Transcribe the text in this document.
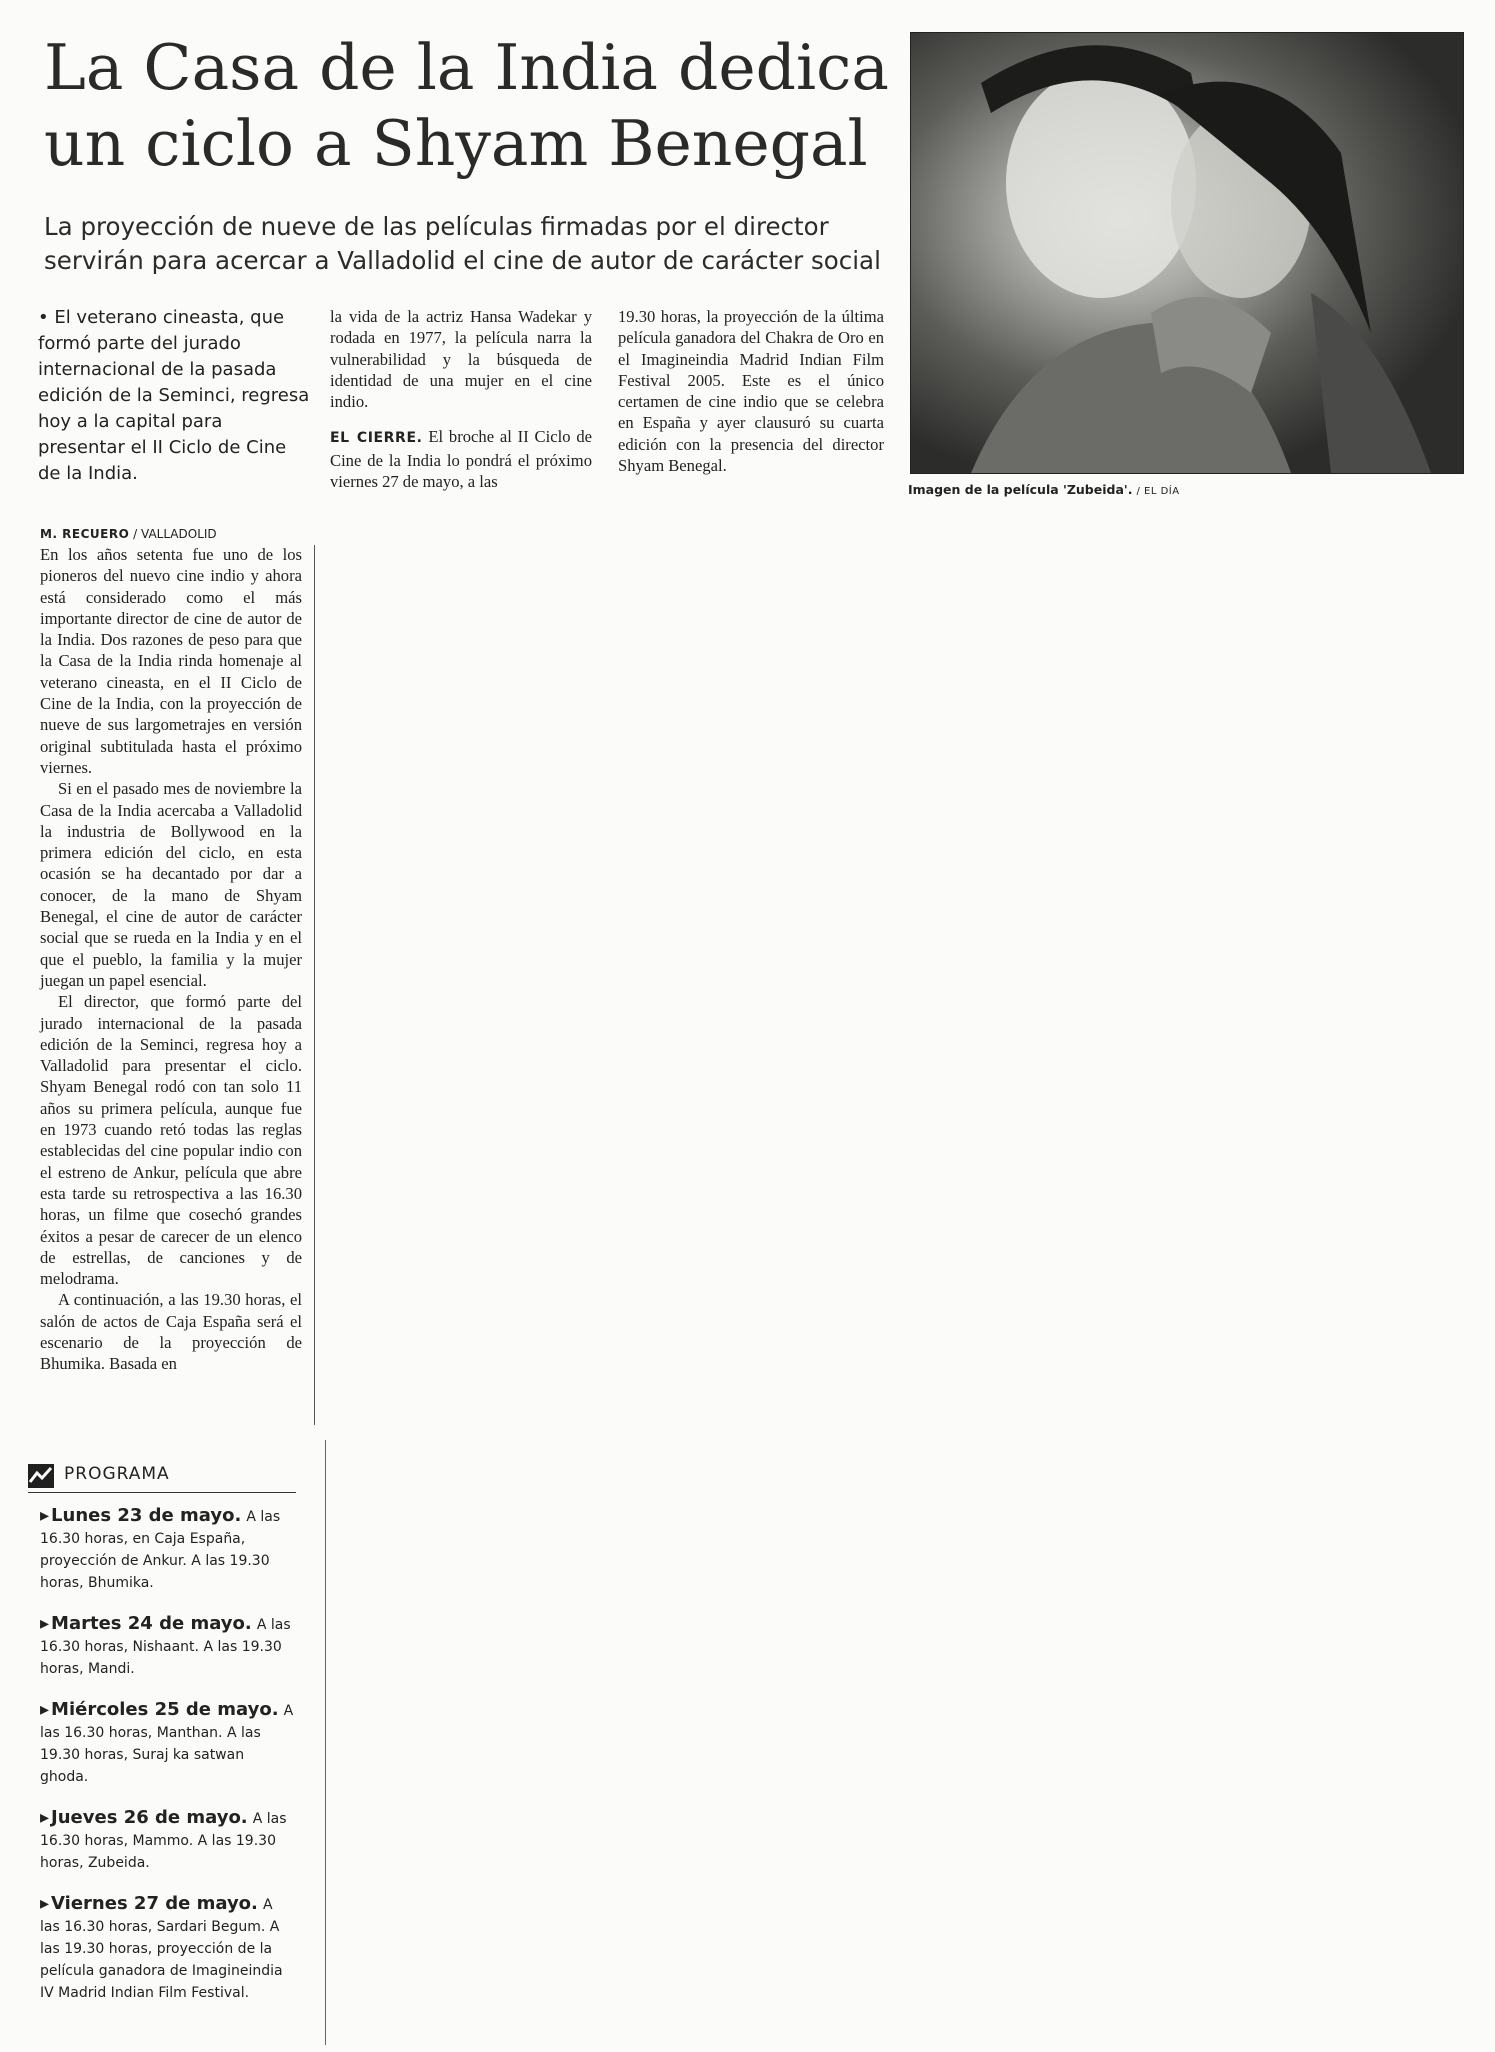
La Casa de la India dedica un ciclo a Shyam Benegal

La proyección de nueve de las películas firmadas por el director servirán para acercar a Valladolid el cine de autor de carácter social

Imagen de la película 'Zubeida'. / EL DÍA

• El veterano cineasta, que formó parte del jurado internacional de la pasada edición de la Seminci, regresa hoy a la capital para presentar el II Ciclo de Cine de la India.

M. RECUERO / VALLADOLID

En los años setenta fue uno de los pioneros del nuevo cine indio y ahora está considerado como el más importante director de cine de autor de la India. Dos razones de peso para que la Casa de la India rinda homenaje al veterano cineasta, en el II Ciclo de Cine de la India, con la proyección de nueve de sus largometrajes en versión original subtitulada hasta el próximo viernes.

Si en el pasado mes de noviembre la Casa de la India acercaba a Valladolid la industria de Bollywood en la primera edición del ciclo, en esta ocasión se ha decantado por dar a conocer, de la mano de Shyam Benegal, el cine de autor de carácter social que se rueda en la India y en el que el pueblo, la familia y la mujer juegan un papel esencial.

El director, que formó parte del jurado internacional de la pasada edición de la Seminci, regresa hoy a Valladolid para presentar el ciclo. Shyam Benegal rodó con tan solo 11 años su primera película, aunque fue en 1973 cuando retó todas las reglas establecidas del cine popular indio con el estreno de Ankur, película que abre esta tarde su retrospectiva a las 16.30 horas, un filme que cosechó grandes éxitos a pesar de carecer de un elenco de estrellas, de canciones y de melodrama.

A continuación, a las 19.30 horas, el salón de actos de Caja España será el escenario de la proyección de Bhumika. Basada en

la vida de la actriz Hansa Wadekar y rodada en 1977, la película narra la vulnerabilidad y la búsqueda de identidad de una mujer en el cine indio.

EL CIERRE. El broche al II Ciclo de Cine de la India lo pondrá el próximo viernes 27 de mayo, a las

19.30 horas, la proyección de la última película ganadora del Chakra de Oro en el Imagineindia Madrid Indian Film Festival 2005. Este es el único certamen de cine indio que se celebra en España y ayer clausuró su cuarta edición con la presencia del director Shyam Benegal.

PROGRAMA
▸ Lunes 23 de mayo. A las 16.30 horas, en Caja España, proyección de Ankur. A las 19.30 horas, Bhumika.
▸ Martes 24 de mayo. A las 16.30 horas, Nishaant. A las 19.30 horas, Mandi.
▸ Miércoles 25 de mayo. A las 16.30 horas, Manthan. A las 19.30 horas, Suraj ka satwan ghoda.
▸ Jueves 26 de mayo. A las 16.30 horas, Mammo. A las 19.30 horas, Zubeida.
▸ Viernes 27 de mayo. A las 16.30 horas, Sardari Begum. A las 19.30 horas, proyección de la película ganadora de Imagineindia IV Madrid Indian Film Festival.
